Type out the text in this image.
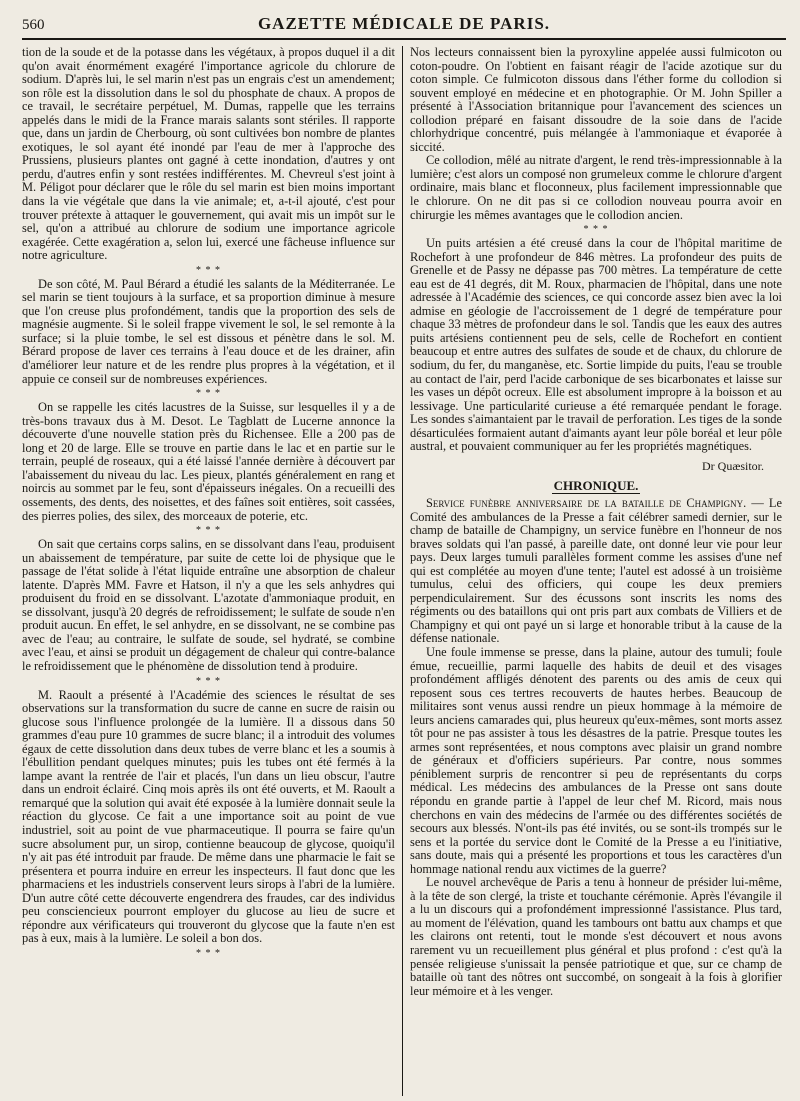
560	GAZETTE MÉDICALE DE PARIS.

tion de la soude et de la potasse dans les végétaux, à propos duquel il a dit qu'on avait énormément exagéré l'importance agricole du chlorure de sodium. D'après lui, le sel marin n'est pas un engrais c'est un amendement; son rôle est la dissolution dans le sol du phosphate de chaux. A propos de ce travail, le secrétaire perpétuel, M. Dumas, rappelle que les terrains appelés dans le midi de la France marais salants sont stériles. Il rapporte que, dans un jardin de Cherbourg, où sont cultivées bon nombre de plantes exotiques, le sol ayant été inondé par l'eau de mer à l'approche des Prussiens, plusieurs plantes ont gagné à cette inondation, d'autres y ont perdu, d'autres enfin y sont restées indifférentes. M. Chevreul s'est joint à M. Péligot pour déclarer que le rôle du sel marin est bien moins important dans la vie végétale que dans la vie animale; et, a-t-il ajouté, c'est pour trouver prétexte à attaquer le gouvernement, qui avait mis un impôt sur le sel, qu'on a attribué au chlorure de sodium une importance agricole exagérée. Cette exagération a, selon lui, exercé une fâcheuse influence sur notre agriculture.

* * *

De son côté, M. Paul Bérard a étudié les salants de la Méditerranée. Le sel marin se tient toujours à la surface, et sa proportion diminue à mesure que l'on creuse plus profondément, tandis que la proportion des sels de magnésie augmente. Si le soleil frappe vivement le sol, le sel remonte à la surface; si la pluie tombe, le sel est dissous et pénètre dans le sol. M. Bérard propose de laver ces terrains à l'eau douce et de les drainer, afin d'améliorer leur nature et de les rendre plus propres à la végétation, et il appuie ce conseil sur de nombreuses expériences.

* * *

On se rappelle les cités lacustres de la Suisse, sur lesquelles il y a de très-bons travaux dus à M. Desot. Le Tagblatt de Lucerne annonce la découverte d'une nouvelle station près du Richensee. Elle a 200 pas de long et 20 de large. Elle se trouve en partie dans le lac et en partie sur le terrain, peuplé de roseaux, qui a été laissé l'année dernière à découvert par l'abaissement du niveau du lac. Les pieux, plantés généralement en rang et noircis au sommet par le feu, sont d'épaisseurs inégales. On a recueilli des ossements, des dents, des noisettes, et des faînes soit entières, soit cassées, des pierres polies, des silex, des morceaux de poterie, etc.

* * *

On sait que certains corps salins, en se dissolvant dans l'eau, produisent un abaissement de température, par suite de cette loi de physique que le passage de l'état solide à l'état liquide entraîne une absorption de chaleur latente. D'après MM. Favre et Hatson, il n'y a que les sels anhydres qui produisent du froid en se dissolvant. L'azotate d'ammoniaque produit, en se dissolvant, jusqu'à 20 degrés de refroidissement; le sulfate de soude n'en produit aucun. En effet, le sel anhydre, en se dissolvant, ne se combine pas avec de l'eau; au contraire, le sulfate de soude, sel hydraté, se combine avec l'eau, et ainsi se produit un dégagement de chaleur qui contre-balance le refroidissement que le phénomène de dissolution tend à produire.

* * *

M. Raoult a présenté à l'Académie des sciences le résultat de ses observations sur la transformation du sucre de canne en sucre de raisin ou glucose sous l'influence prolongée de la lumière. Il a dissous dans 50 grammes d'eau pure 10 grammes de sucre blanc; il a introduit des volumes égaux de cette dissolution dans deux tubes de verre blanc et les a soumis à l'ébullition pendant quelques minutes; puis les tubes ont été fermés à la lampe avant la rentrée de l'air et placés, l'un dans un lieu obscur, l'autre dans un endroit éclairé. Cinq mois après ils ont été ouverts, et M. Raoult a remarqué que la solution qui avait été exposée à la lumière donnait seule la réaction du glycose. Ce fait a une importance soit au point de vue industriel, soit au point de vue pharmaceutique. Il pourra se faire qu'un sucre absolument pur, un sirop, contienne beaucoup de glycose, quoiqu'il n'y ait pas été introduit par fraude. De même dans une pharmacie le fait se présentera et pourra induire en erreur les inspecteurs. Il faut donc que les pharmaciens et les industriels conservent leurs sirops à l'abri de la lumière. D'un autre côté cette découverte engendrera des fraudes, car des individus peu consciencieux pourront employer du glucose au lieu de sucre et répondre aux vérificateurs qui trouveront du glycose que la faute n'en est pas à eux, mais à la lumière. Le soleil a bon dos.

* * *

Nos lecteurs connaissent bien la pyroxyline appelée aussi fulmicoton ou coton-poudre. On l'obtient en faisant réagir de l'acide azotique sur du coton simple. Ce fulmicoton dissous dans l'éther forme du collodion si souvent employé en médecine et en photographie. Or M. John Spiller a présenté à l'Association britannique pour l'avancement des sciences un collodion préparé en faisant dissoudre de la soie dans de l'acide chlorhydrique concentré, puis mélangée à l'ammoniaque et évaporée à siccité.

Ce collodion, mêlé au nitrate d'argent, le rend très-impressionnable à la lumière; c'est alors un composé non grumeleux comme le chlorure d'argent ordinaire, mais blanc et floconneux, plus facilement impressionnable que le chlorure. On ne dit pas si ce collodion nouveau pourra avoir en chirurgie les mêmes avantages que le collodion ancien.

* * *

Un puits artésien a été creusé dans la cour de l'hôpital maritime de Rochefort à une profondeur de 846 mètres. La profondeur des puits de Grenelle et de Passy ne dépasse pas 700 mètres. La température de cette eau est de 41 degrés, dit M. Roux, pharmacien de l'hôpital, dans une note adressée à l'Académie des sciences, ce qui concorde assez bien avec la loi admise en géologie de l'accroissement de 1 degré de température pour chaque 33 mètres de profondeur dans le sol. Tandis que les eaux des autres puits artésiens contiennent peu de sels, celle de Rochefort en contient beaucoup et entre autres des sulfates de soude et de chaux, du chlorure de sodium, du fer, du manganèse, etc. Sortie limpide du puits, l'eau se trouble au contact de l'air, perd l'acide carbonique de ses bicarbonates et laisse sur les vases un dépôt ocreux. Elle est absolument impropre à la boisson et au lessivage. Une particularité curieuse a été remarquée pendant le forage. Les sondes s'aimantaient par le travail de perforation. Les tiges de la sonde désarticulées formaient autant d'aimants ayant leur pôle boréal et leur pôle austral, et pouvaient communiquer au fer les propriétés magnétiques.

Dr Quæsitor.
CHRONIQUE.

Service funèbre anniversaire de la bataille de Champigny. — Le Comité des ambulances de la Presse a fait célébrer samedi dernier, sur le champ de bataille de Champigny, un service funèbre en l'honneur de nos braves soldats qui l'an passé, à pareille date, ont donné leur vie pour leur pays. Deux larges tumuli parallèles forment comme les assises d'une nef qui est complétée au moyen d'une tente; l'autel est adossé à un troisième tumulus, celui des officiers, qui coupe les deux premiers perpendiculairement. Sur des écussons sont inscrits les noms des régiments ou des bataillons qui ont pris part aux combats de Villiers et de Champigny et qui ont payé un si large et honorable tribut à la cause de la défense nationale.

Une foule immense se presse, dans la plaine, autour des tumuli; foule émue, recueillie, parmi laquelle des habits de deuil et des visages profondément affligés dénotent des parents ou des amis de ceux qui reposent sous ces tertres recouverts de hautes herbes. Beaucoup de militaires sont venus aussi rendre un pieux hommage à la mémoire de leurs anciens camarades qui, plus heureux qu'eux-mêmes, sont morts assez tôt pour ne pas assister à tous les désastres de la patrie. Presque toutes les armes sont représentées, et nous comptons avec plaisir un grand nombre de généraux et d'officiers supérieurs. Par contre, nous sommes péniblement surpris de rencontrer si peu de représentants du corps médical. Les médecins des ambulances de la Presse ont sans doute répondu en grande partie à l'appel de leur chef M. Ricord, mais nous cherchons en vain des médecins de l'armée ou des différentes sociétés de secours aux blessés. N'ont-ils pas été invités, ou se sont-ils trompés sur le sens et la portée du service dont le Comité de la Presse a eu l'initiative, sans doute, mais qui a présenté les proportions et tous les caractères d'un hommage national rendu aux victimes de la guerre?

Le nouvel archevêque de Paris a tenu à honneur de présider lui-même, à la tête de son clergé, la triste et touchante cérémonie. Après l'évangile il a lu un discours qui a profondément impressionné l'assistance. Plus tard, au moment de l'élévation, quand les tambours ont battu aux champs et que les clairons ont retenti, tout le monde s'est découvert et nous avons rarement vu un recueillement plus général et plus profond : c'est qu'à la pensée religieuse s'unissait la pensée patriotique et que, sur ce champ de bataille où tant des nôtres ont succombé, on songeait à la fois à glorifier leur mémoire et à les venger.
